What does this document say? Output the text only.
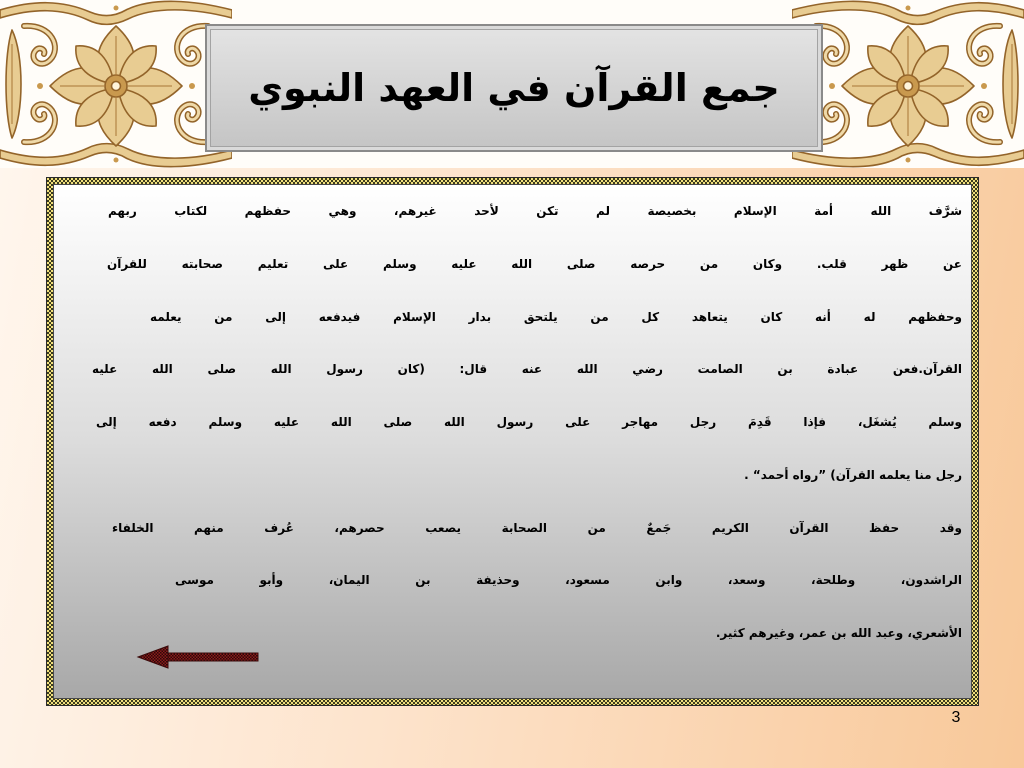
جمع القرآن في العهد النبوي
شرَّف الله أمة الإسلام بخصيصة لم تكن لأحد غيرهم، وهي حفظهم لكتاب ربهم
عن ظهر قلب. وكان من حرصه صلى الله عليه وسلم على تعليم صحابته للقرآن
وحفظهم له أنه كان يتعاهد كل من يلتحق بدار الإسلام فيدفعه إلى من يعلمه
القرآن.فعن عبادة بن الصامت رضي الله عنه قال: (كان رسول الله صلى الله عليه
وسلم يُشغَل، فإذا قَدِمَ رجل مهاجر على رسول الله صلى الله عليه وسلم دفعه إلى
رجل منا يعلمه القرآن) ”رواه أحمد“ .
وقد حفظ القرآن الكريم جَمعٌ من الصحابة يصعب حصرهم، عُرف منهم الخلفاء
الراشدون، وطلحة، وسعد، وابن مسعود، وحذيفة بن اليمان، وأبو موسى
الأشعري، وعبد الله بن عمر، وغيرهم كثير.
3
